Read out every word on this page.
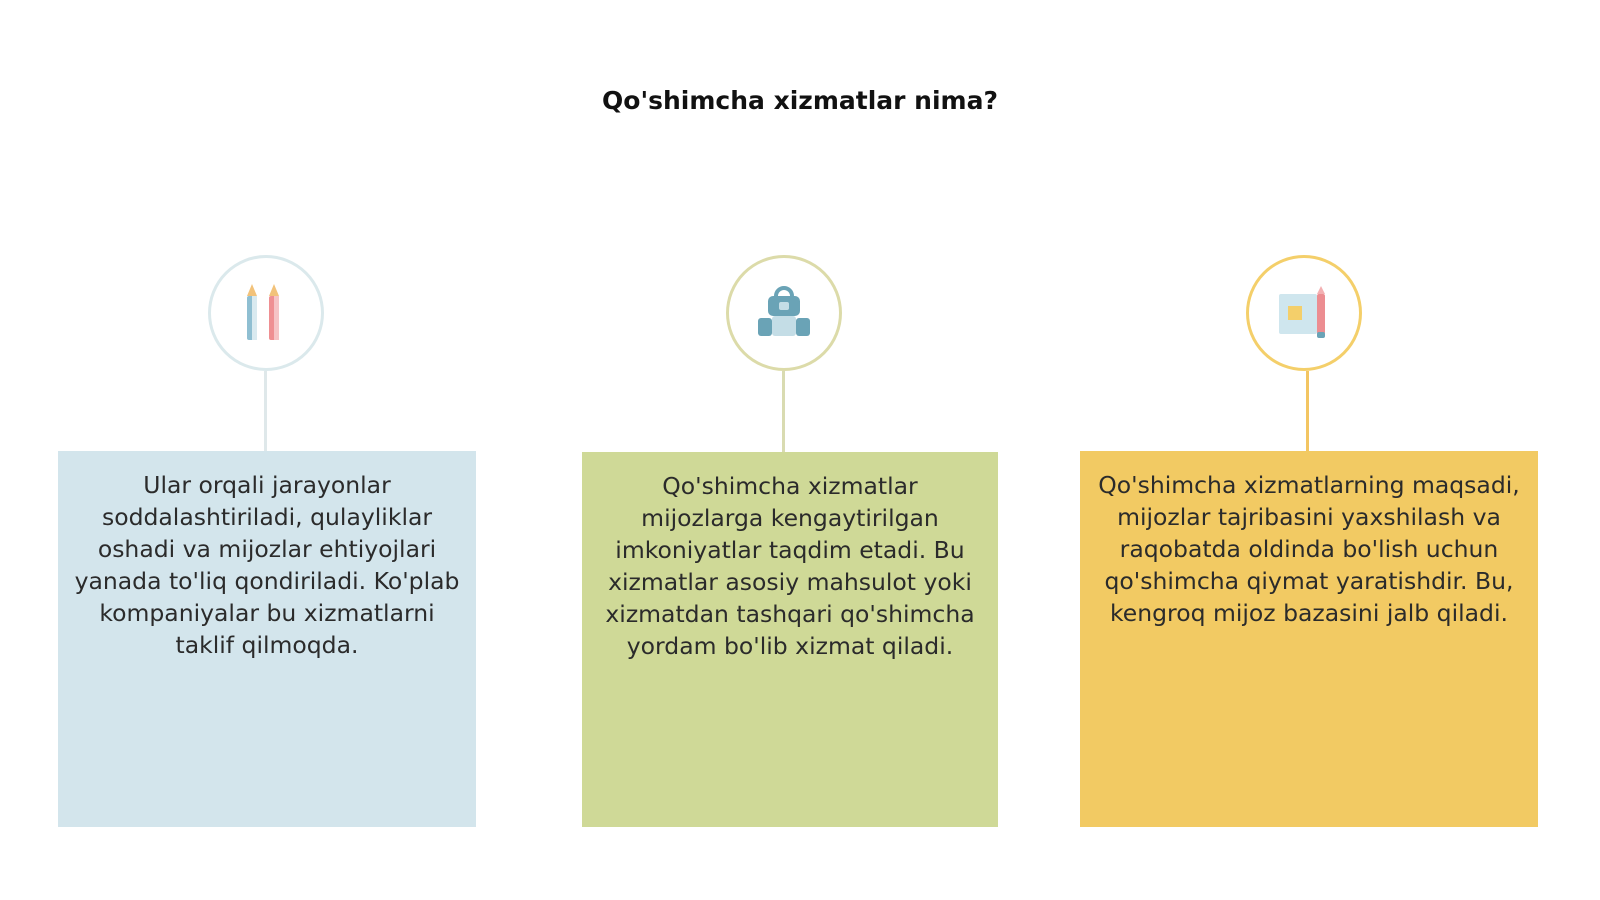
Qo'shimcha xizmatlar nima?
Ular orqali jarayonlar soddalashtiriladi, qulayliklar oshadi va mijozlar ehtiyojlari yanada to'liq qondiriladi. Ko'plab kompaniyalar bu xizmatlarni taklif qilmoqda.
Qo'shimcha xizmatlar mijozlarga kengaytirilgan imkoniyatlar taqdim etadi. Bu xizmatlar asosiy mahsulot yoki xizmatdan tashqari qo'shimcha yordam bo'lib xizmat qiladi.
Qo'shimcha xizmatlarning maqsadi, mijozlar tajribasini yaxshilash va raqobatda oldinda bo'lish uchun qo'shimcha qiymat yaratishdir. Bu, kengroq mijoz bazasini jalb qiladi.
